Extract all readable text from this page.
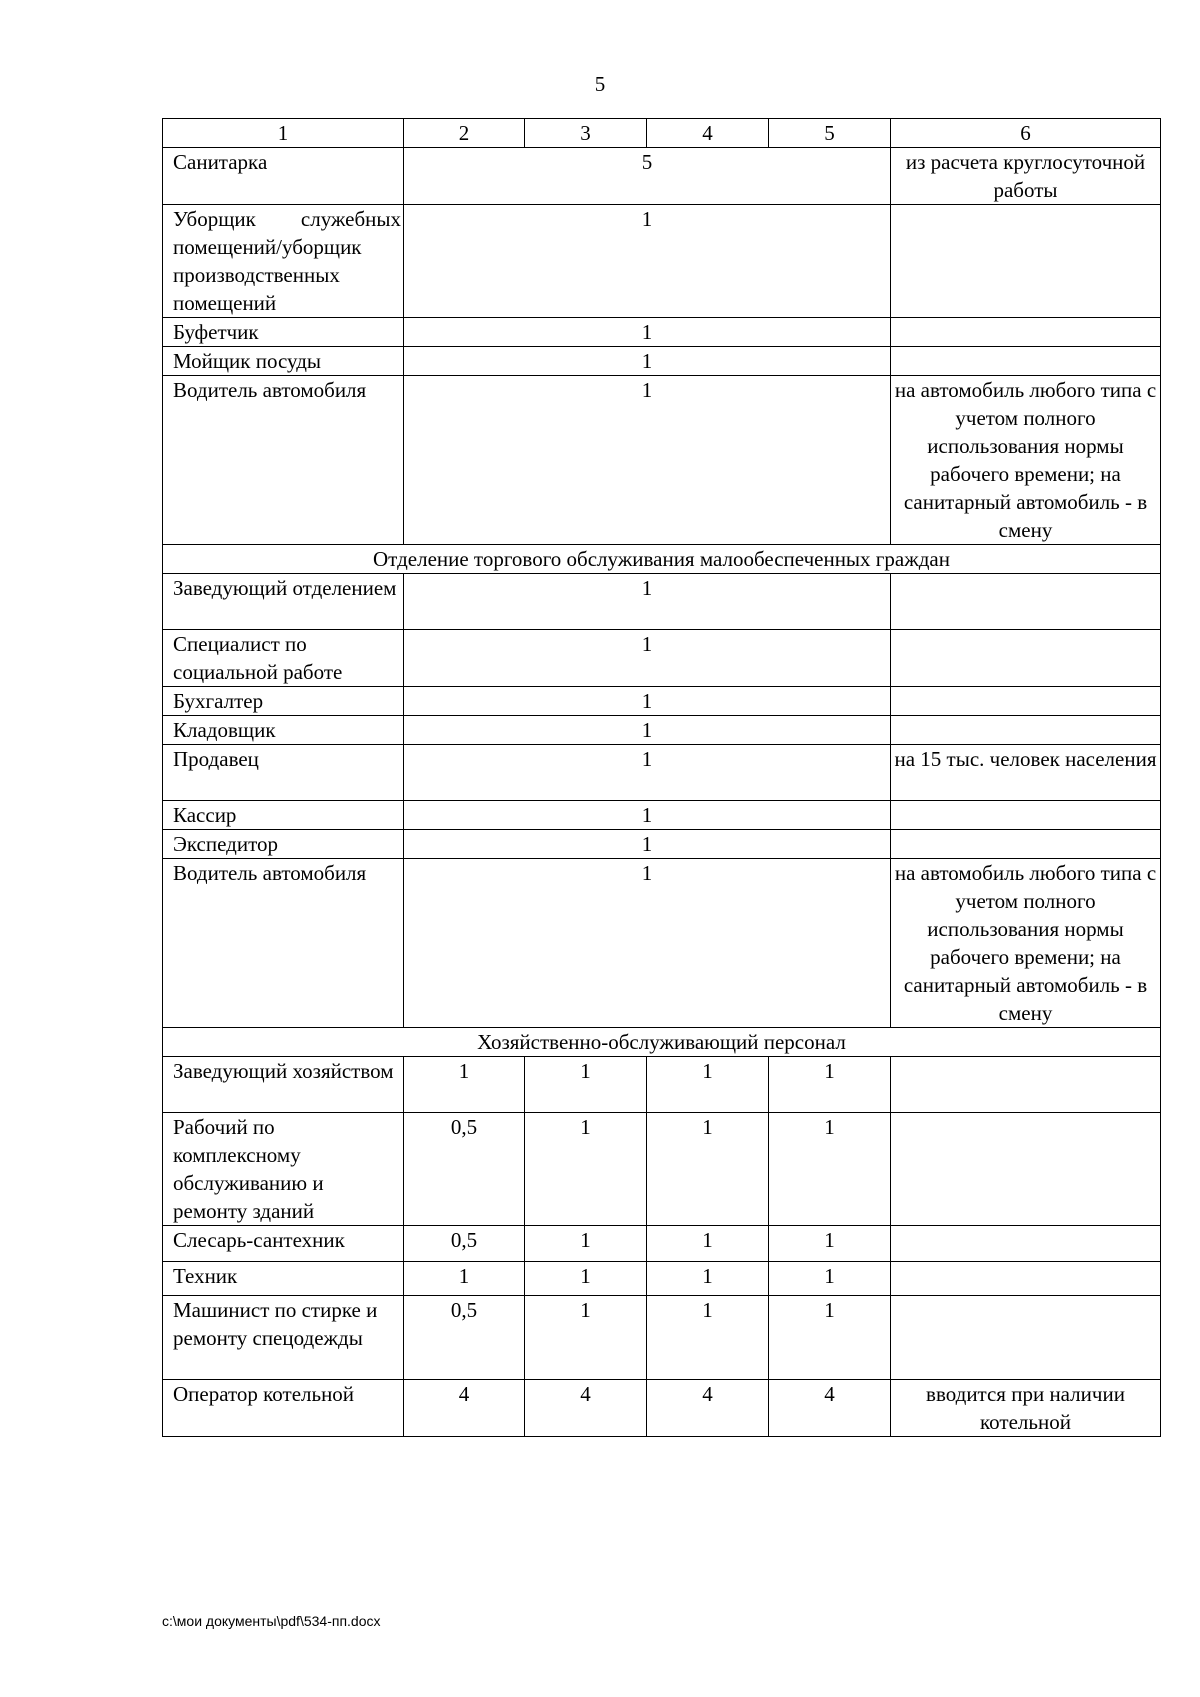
5
1	2	3	4	5	6

Санитарка	5				из расчета круглосуточной работы

Уборщик служебных помещений/уборщик производственных помещений	1				

Буфетчик	1				

Мойщик посуды	1				

Водитель автомобиля	1				на автомобиль любого типа с учетом полного использования нормы рабочего времени; на санитарный автомобиль - в смену
Отделение торгового обслуживания малообеспеченных граждан					

Заведующий отделением	1				

Специалист по социальной работе	1				

Бухгалтер	1				

Кладовщик	1				

Продавец	1				на 15 тыс. человек населения

Кассир	1				

Экспедитор	1				

Водитель автомобиля	1				на автомобиль любого типа с учетом полного использования нормы рабочего времени; на санитарный автомобиль - в смену
Хозяйственно-обслуживающий персонал					

Заведующий хозяйством	1	1	1	1	

Рабочий по комплексному обслуживанию и ремонту зданий	0,5	1	1	1	

Слесарь-сантехник	0,5	1	1	1	

Техник	1	1	1	1	

Машинист по стирке и ремонту спецодежды	0,5	1	1	1	

Оператор котельной	4	4	4	4	вводится при наличии котельной
c:\мои документы\pdf\534-пп.docx
